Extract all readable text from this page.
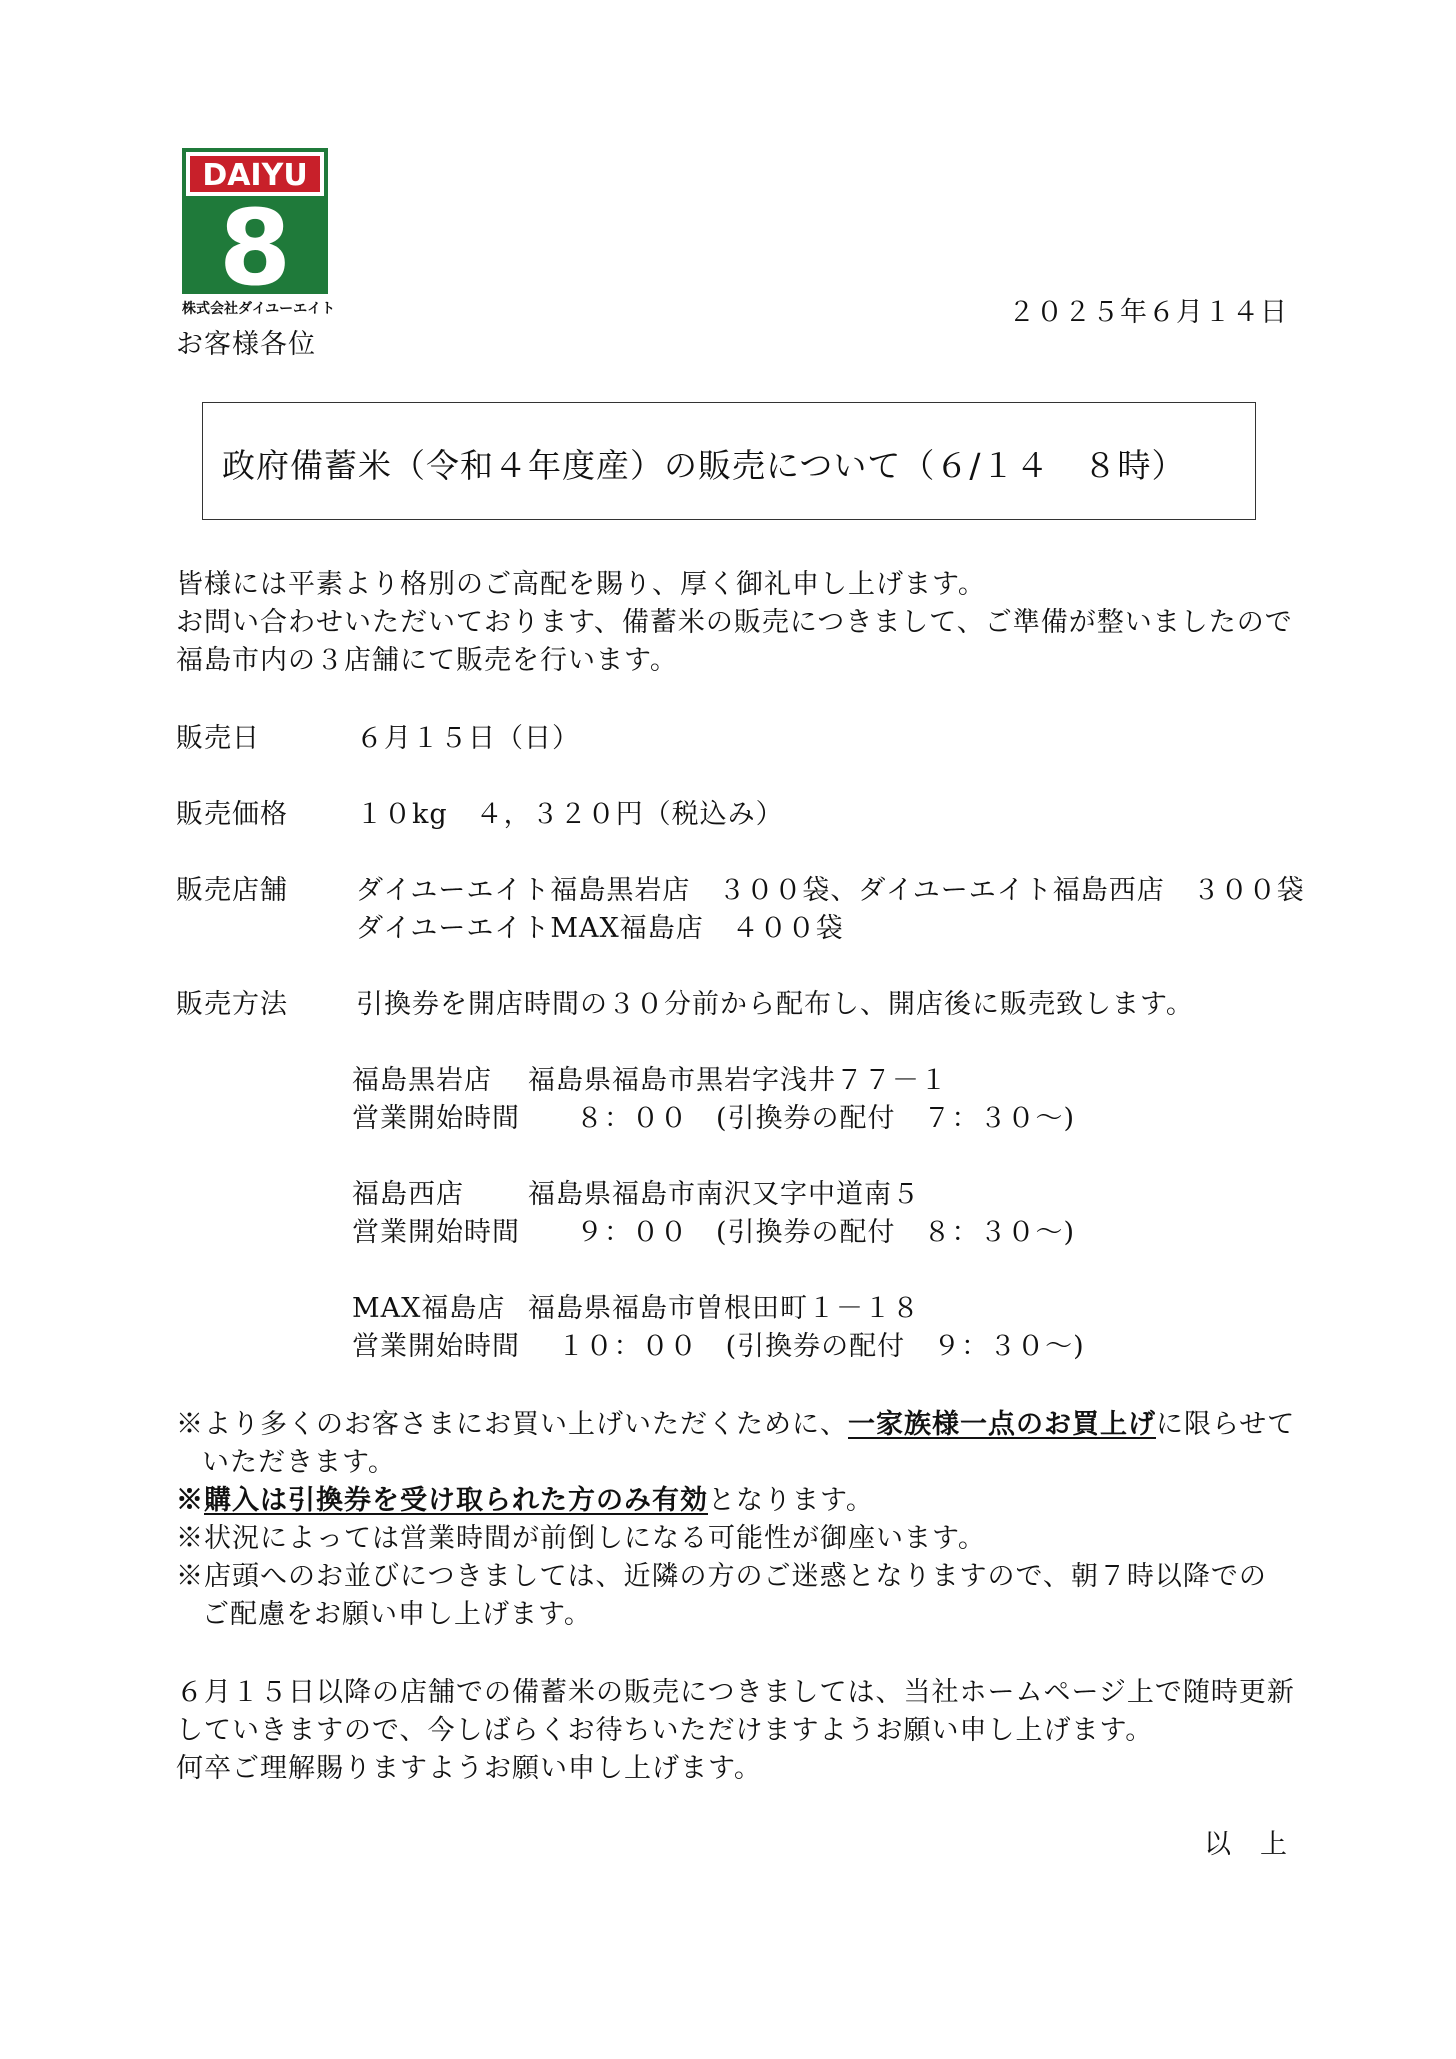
DAIYU
8
株式会社ダイユーエイト	２０２５年６月１４日
お客様各位
政府備蓄米（令和４年度産）の販売について（６/１４　８時）
皆様には平素より格別のご高配を賜り、厚く御礼申し上げます。
お問い合わせいただいております、備蓄米の販売につきまして、ご準備が整いましたので
福島市内の３店舗にて販売を行います。
販売日	６月１５日（日）
販売価格	１０kg　４，３２０円（税込み）
販売店舗	ダイユーエイト福島黒岩店　３００袋、ダイユーエイト福島西店　３００袋
ダイユーエイトMAX福島店　４００袋
販売方法	引換券を開店時間の３０分前から配布し、開店後に販売致します。
福島黒岩店 福島県福島市黒岩字浅井７７－１
営業開始時間　　８：００　(引換券の配付　７：３０～)
福島西店 福島県福島市南沢又字中道南５
営業開始時間　　９：００　(引換券の配付　８：３０～)
MAX福島店 福島県福島市曽根田町１－１８
営業開始時間　 １０：００　(引換券の配付　９：３０～)
※より多くのお客さまにお買い上げいただくために、一家族様一点のお買上げに限らせて
いただきます。
※購入は引換券を受け取られた方のみ有効となります。
※状況によっては営業時間が前倒しになる可能性が御座います。
※店頭へのお並びにつきましては、近隣の方のご迷惑となりますので、朝７時以降での
ご配慮をお願い申し上げます。
６月１５日以降の店舗での備蓄米の販売につきましては、当社ホームページ上で随時更新
していきますので、今しばらくお待ちいただけますようお願い申し上げます。
何卒ご理解賜りますようお願い申し上げます。
以　上
